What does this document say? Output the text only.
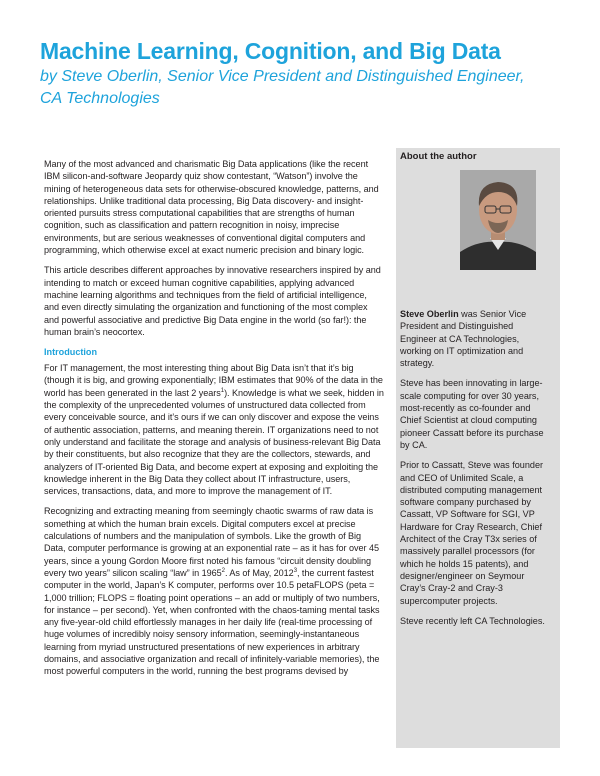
Machine Learning, Cognition, and Big Data
by Steve Oberlin, Senior Vice President and Distinguished Engineer,
CA Technologies

Many of the most advanced and charismatic Big Data applications (like the recent IBM silicon-and-software Jeopardy quiz show contestant, “Watson”) involve the mining of heterogeneous data sets for otherwise-obscured knowledge, patterns, and relationships. Unlike traditional data processing, Big Data discovery- and insight-oriented pursuits stress computational capabilities that are strengths of human cognition, such as classification and pattern recognition in noisy, imprecise environments, but are serious weaknesses of conventional digital computers and programming, which otherwise excel at exact numeric precision and binary logic.

This article describes different approaches by innovative researchers inspired by and intending to match or exceed human cognitive capabilities, applying advanced machine learning algorithms and techniques from the field of artificial intelligence, and even directly simulating the organization and functioning of the most complex and powerful associative and predictive Big Data engine in the world (so far!): the human brain’s neocortex.

Introduction

For IT management, the most interesting thing about Big Data isn’t that it’s big (though it is big, and growing exponentially; IBM estimates that 90% of the data in the world has been generated in the last 2 years$^1$). Knowledge is what we seek, hidden in the complexity of the unprecedented volumes of unstructured data collected from every conceivable source, and it’s ours if we can only discover and expose the veins of authentic association, patterns, and meaning therein. IT organizations need to not only understand and facilitate the storage and analysis of business-relevant Big Data by their constituents, but also recognize that they are the collectors, stewards, and analyzers of IT-oriented Big Data, and become expert at exposing and exploiting the knowledge inherent in the Big Data they collect about IT infrastructure, users, services, transactions, data, and more to improve the management of IT.

Recognizing and extracting meaning from seemingly chaotic swarms of raw data is something at which the human brain excels. Digital computers excel at precise calculations of numbers and the manipulation of symbols. Like the growth of Big Data, computer performance is growing at an exponential rate – as it has for over 45 years, since a young Gordon Moore first noted his famous “circuit density doubling every two years” silicon scaling “law” in 1965$^2$. As of May, 2012$^3$, the current fastest computer in the world, Japan’s K computer, performs over 10.5 petaFLOPS (peta = 1,000 trillion; FLOPS = floating point operations – an add or multiply of two numbers, for instance – per second). Yet, when confronted with the chaos-taming mental tasks any five-year-old child effortlessly manages in her daily life (real-time processing of huge volumes of incredibly noisy sensory information, seemingly-instantaneous learning from myriad unstructured presentations of new experiences in arbitrary domains, and associative organization and recall of infinitely-variable memories), the most powerful computers in the world, running the best programs devised by

About the author

Steve Oberlin was Senior Vice President and Distinguished Engineer at CA Technologies, working on IT optimization and strategy.

Steve has been innovating in large-scale computing for over 30 years, most-recently as co-founder and Chief Scientist at cloud computing pioneer Cassatt before its purchase by CA.

Prior to Cassatt, Steve was founder and CEO of Unlimited Scale, a distributed computing management software company purchased by Cassatt, VP Software for SGI, VP Hardware for Cray Research, Chief Architect of the Cray T3x series of massively parallel processors (for which he holds 15 patents), and designer/engineer on Seymour Cray’s Cray-2 and Cray-3 supercomputer projects.

Steve recently left CA Technologies.
